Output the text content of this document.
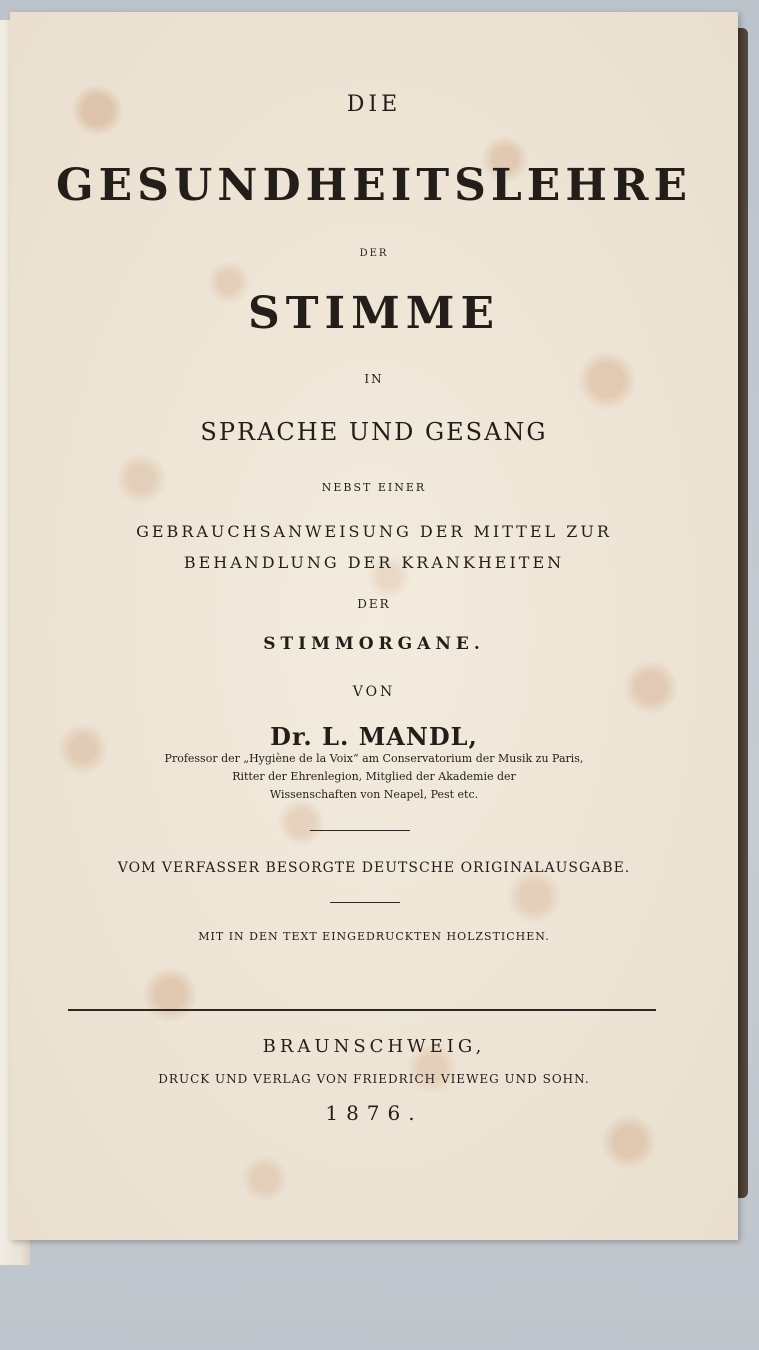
DIE

GESUNDHEITSLEHRE

DER

STIMME

IN

SPRACHE UND GESANG

NEBST EINER

GEBRAUCHSANWEISUNG DER MITTEL ZUR

BEHANDLUNG DER KRANKHEITEN

DER

STIMMORGANE.

VON

Dr. L. MANDL,

Professor der „Hygiène de la Voix“ am Conservatorium der Musik zu Paris,

Ritter der Ehrenlegion, Mitglied der Akademie der

Wissenschaften von Neapel, Pest etc.

VOM VERFASSER BESORGTE DEUTSCHE ORIGINALAUSGABE.

MIT IN DEN TEXT EINGEDRUCKTEN HOLZSTICHEN.

BRAUNSCHWEIG,

DRUCK UND VERLAG VON FRIEDRICH VIEWEG UND SOHN.

1876.
